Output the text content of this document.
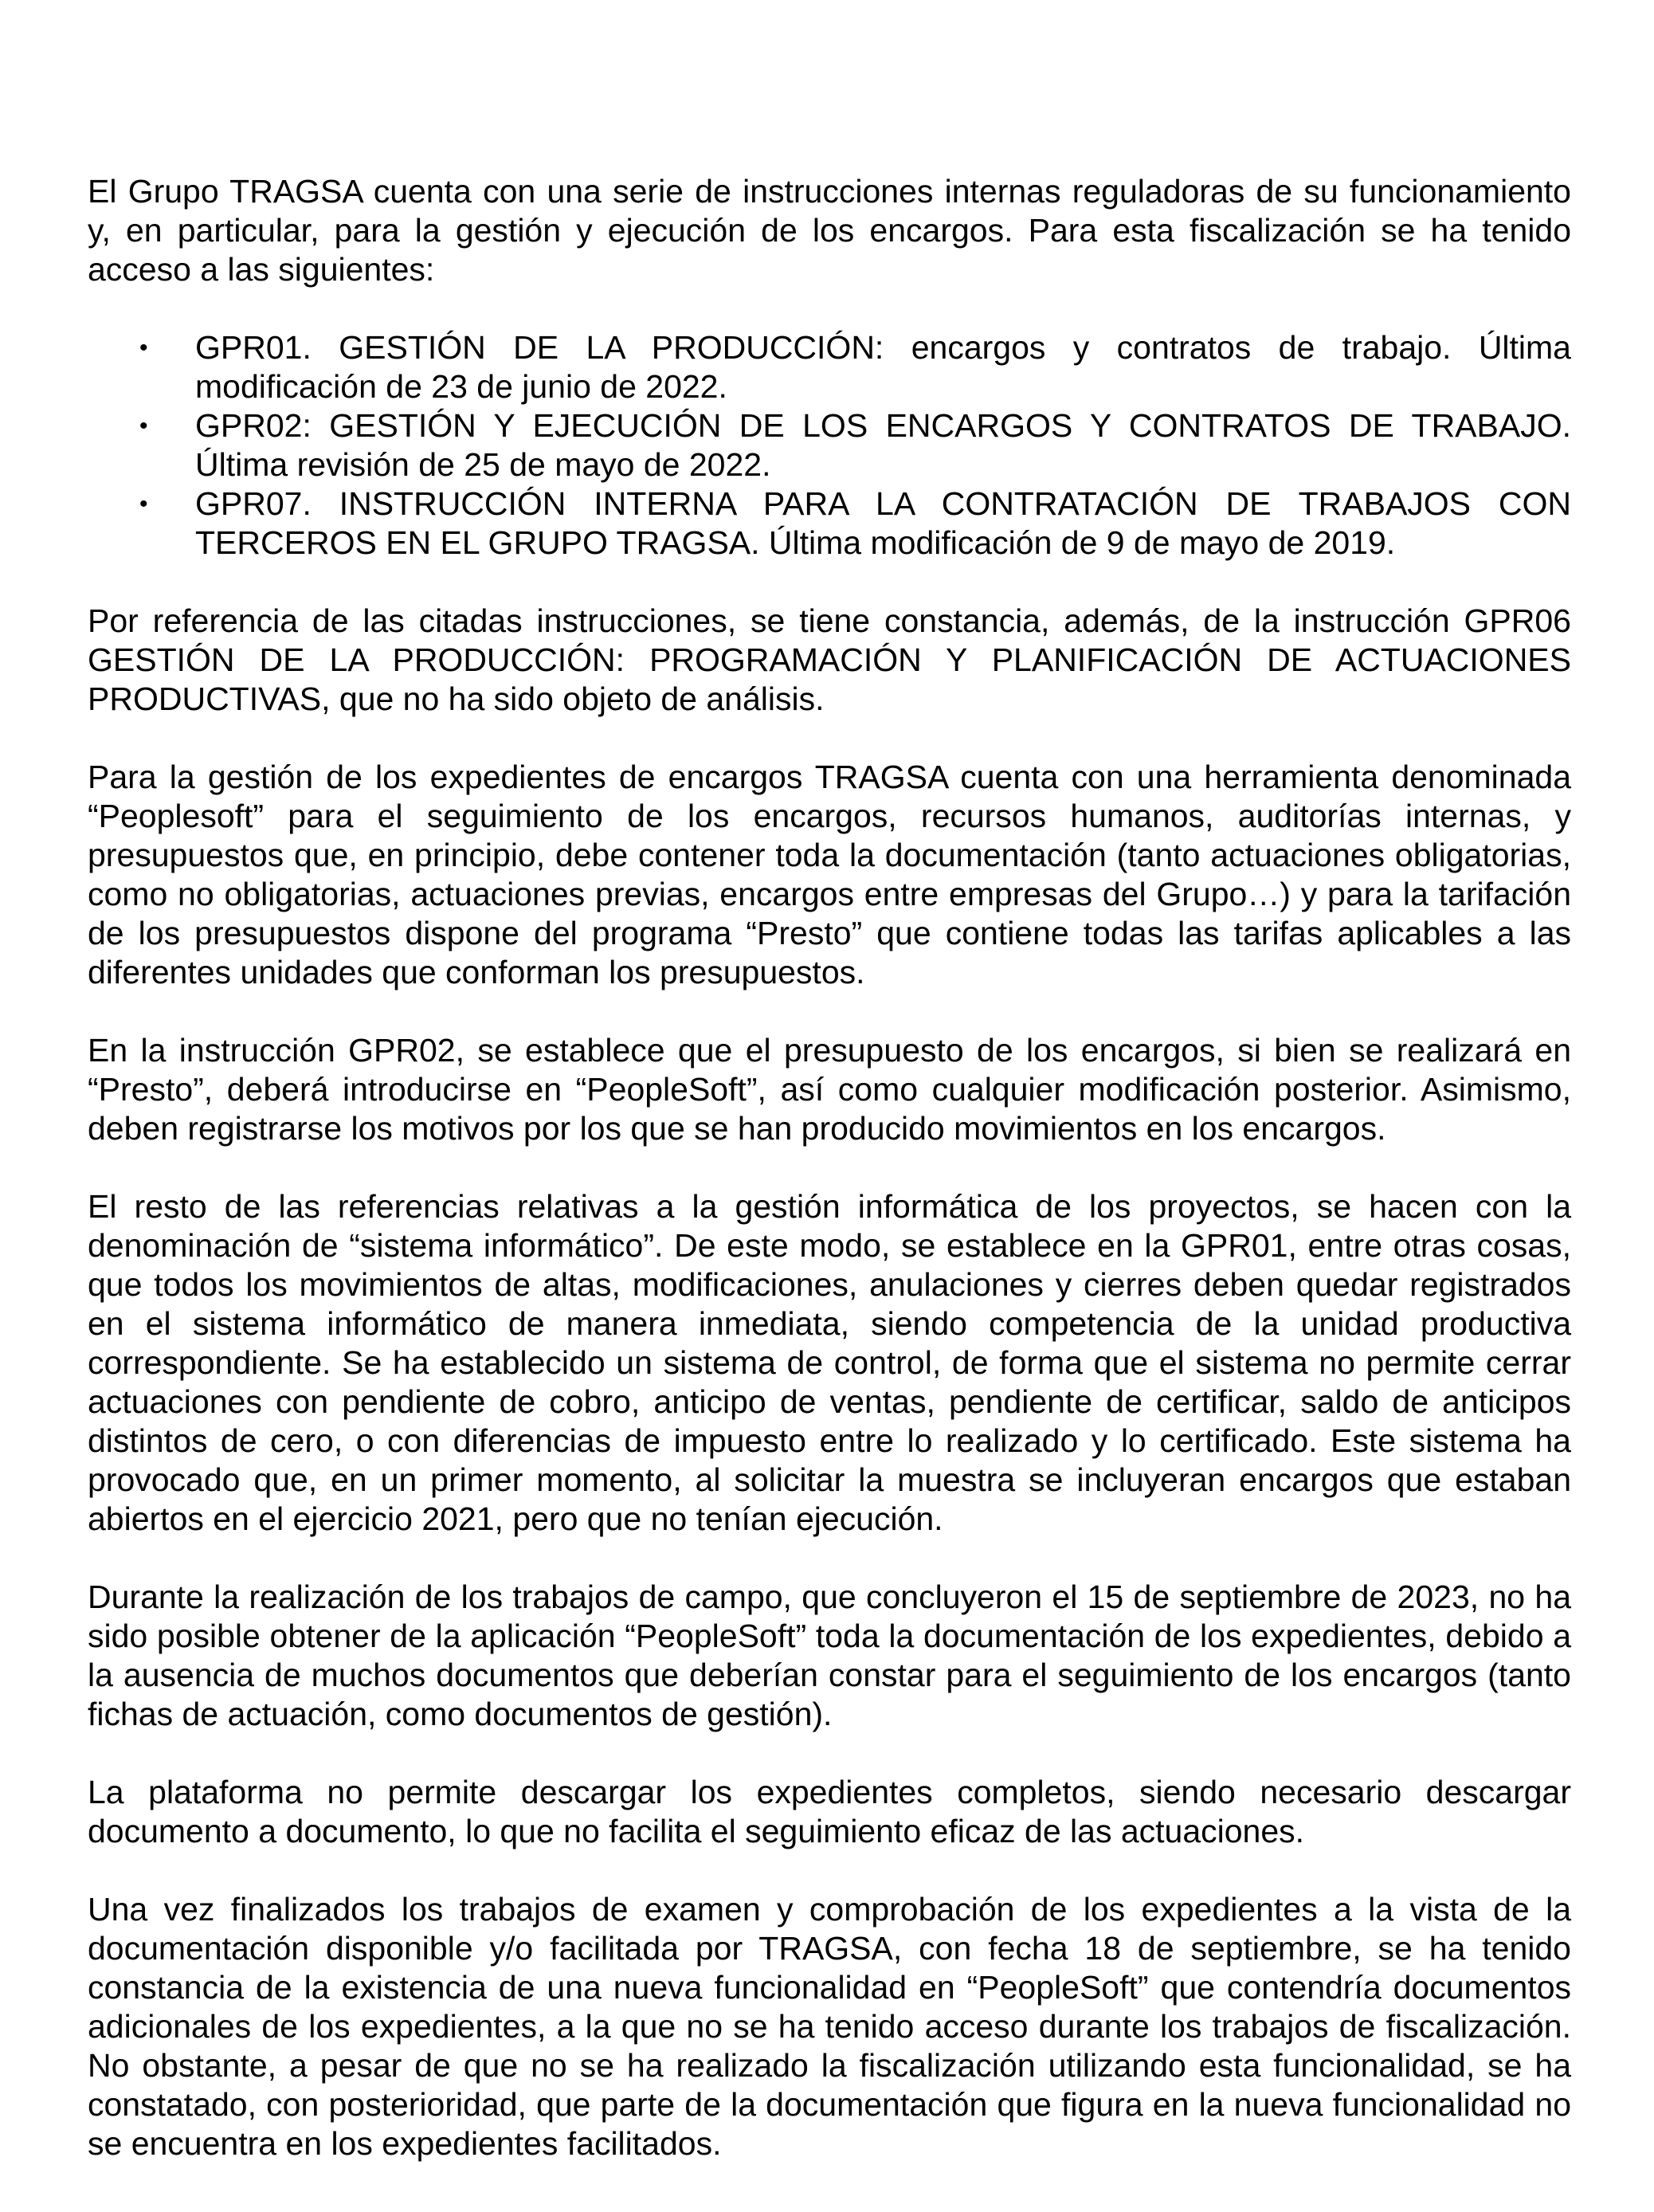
El Grupo TRAGSA cuenta con una serie de instrucciones internas reguladoras de su funcionamiento y, en particular, para la gestión y ejecución de los encargos. Para esta fiscalización se ha tenido acceso a las siguientes:

• GPR01. GESTIÓN DE LA PRODUCCIÓN: encargos y contratos de trabajo. Última modificación de 23 de junio de 2022.
• GPR02: GESTIÓN Y EJECUCIÓN DE LOS ENCARGOS Y CONTRATOS DE TRABAJO. Última revisión de 25 de mayo de 2022.
• GPR07. INSTRUCCIÓN INTERNA PARA LA CONTRATACIÓN DE TRABAJOS CON TERCEROS EN EL GRUPO TRAGSA. Última modificación de 9 de mayo de 2019.

Por referencia de las citadas instrucciones, se tiene constancia, además, de la instrucción GPR06 GESTIÓN DE LA PRODUCCIÓN: PROGRAMACIÓN Y PLANIFICACIÓN DE ACTUACIONES PRODUCTIVAS, que no ha sido objeto de análisis.

Para la gestión de los expedientes de encargos TRAGSA cuenta con una herramienta denominada “Peoplesoft” para el seguimiento de los encargos, recursos humanos, auditorías internas, y presupuestos que, en principio, debe contener toda la documentación (tanto actuaciones obligatorias, como no obligatorias, actuaciones previas, encargos entre empresas del Grupo…) y para la tarifación de los presupuestos dispone del programa “Presto” que contiene todas las tarifas aplicables a las diferentes unidades que conforman los presupuestos.

En la instrucción GPR02, se establece que el presupuesto de los encargos, si bien se realizará en “Presto”, deberá introducirse en “PeopleSoft”, así como cualquier modificación posterior. Asimismo, deben registrarse los motivos por los que se han producido movimientos en los encargos.

El resto de las referencias relativas a la gestión informática de los proyectos, se hacen con la denominación de “sistema informático”. De este modo, se establece en la GPR01, entre otras cosas, que todos los movimientos de altas, modificaciones, anulaciones y cierres deben quedar registrados en el sistema informático de manera inmediata, siendo competencia de la unidad productiva correspondiente. Se ha establecido un sistema de control, de forma que el sistema no permite cerrar actuaciones con pendiente de cobro, anticipo de ventas, pendiente de certificar, saldo de anticipos distintos de cero, o con diferencias de impuesto entre lo realizado y lo certificado. Este sistema ha provocado que, en un primer momento, al solicitar la muestra se incluyeran encargos que estaban abiertos en el ejercicio 2021, pero que no tenían ejecución.

Durante la realización de los trabajos de campo, que concluyeron el 15 de septiembre de 2023, no ha sido posible obtener de la aplicación “PeopleSoft” toda la documentación de los expedientes, debido a la ausencia de muchos documentos que deberían constar para el seguimiento de los encargos (tanto fichas de actuación, como documentos de gestión).

La plataforma no permite descargar los expedientes completos, siendo necesario descargar documento a documento, lo que no facilita el seguimiento eficaz de las actuaciones.

Una vez finalizados los trabajos de examen y comprobación de los expedientes a la vista de la documentación disponible y/o facilitada por TRAGSA, con fecha 18 de septiembre, se ha tenido constancia de la existencia de una nueva funcionalidad en “PeopleSoft” que contendría documentos adicionales de los expedientes, a la que no se ha tenido acceso durante los trabajos de fiscalización. No obstante, a pesar de que no se ha realizado la fiscalización utilizando esta funcionalidad, se ha constatado, con posterioridad, que parte de la documentación que figura en la nueva funcionalidad no se encuentra en los expedientes facilitados.
